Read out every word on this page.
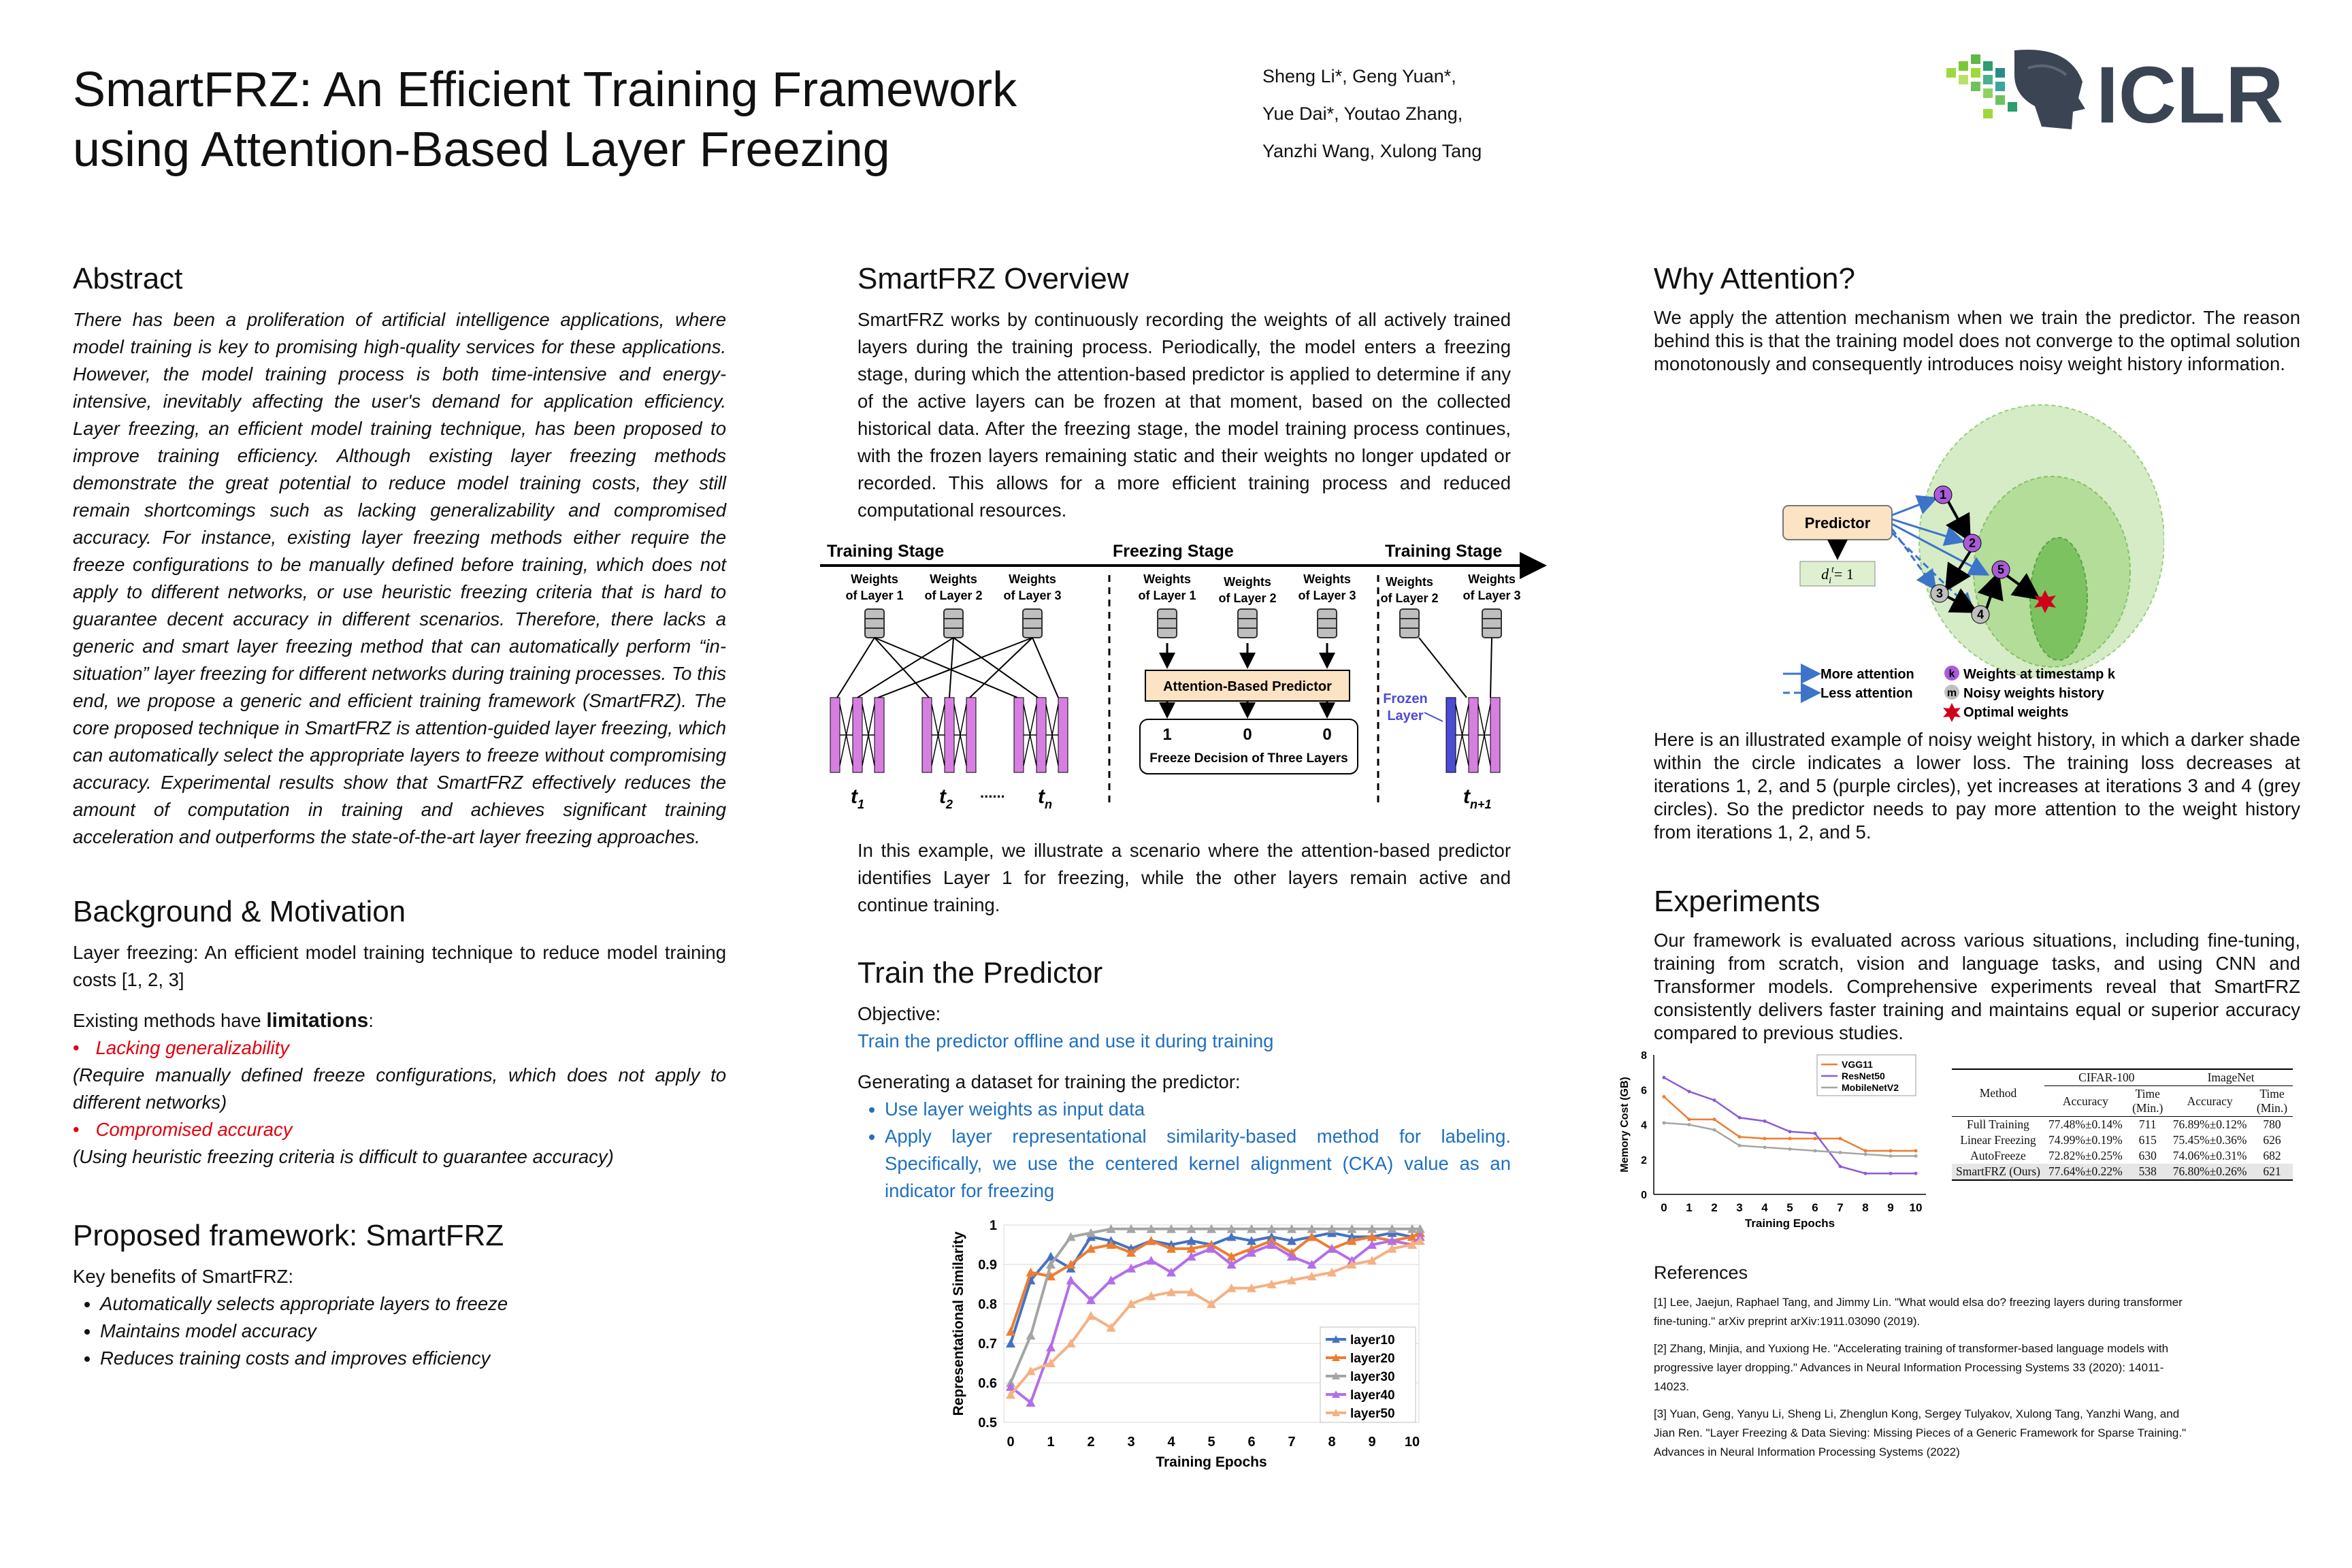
SmartFRZ: An Efficient Training Framework
using Attention-Based Layer Freezing
Sheng Li*, Geng Yuan*,
Yue Dai*, Youtao Zhang,
Yanzhi Wang, Xulong Tang
ICLR
Abstract

There has been a proliferation of artificial intelligence applications, where model training is key to promising high-quality services for these applications. However, the model training process is both time-intensive and energy-intensive, inevitably affecting the user's demand for application efficiency. Layer freezing, an efficient model training technique, has been proposed to improve training efficiency. Although existing layer freezing methods demonstrate the great potential to reduce model training costs, they still remain shortcomings such as lacking generalizability and compromised accuracy. For instance, existing layer freezing methods either require the freeze configurations to be manually defined before training, which does not apply to different networks, or use heuristic freezing criteria that is hard to guarantee decent accuracy in different scenarios. Therefore, there lacks a generic and smart layer freezing method that can automatically perform “in-situation” layer freezing for different networks during training processes. To this end, we propose a generic and efficient training framework (SmartFRZ). The core proposed technique in SmartFRZ is attention-guided layer freezing, which can automatically select the appropriate layers to freeze without compromising accuracy. Experimental results show that SmartFRZ effectively reduces the amount of computation in training and achieves significant training acceleration and outperforms the state-of-the-art layer freezing approaches.

Background & Motivation

Layer freezing: An efficient model training technique to reduce model training costs [1, 2, 3]

Existing methods have limitations:

• Lacking generalizability

(Require manually defined freeze configurations, which does not apply to different networks)

• Compromised accuracy

(Using heuristic freezing criteria is difficult to guarantee accuracy)

Proposed framework: SmartFRZ

Key benefits of SmartFRZ:

• Automatically selects appropriate layers to freeze
• Maintains model accuracy
• Reduces training costs and improves efficiency
SmartFRZ Overview

SmartFRZ works by continuously recording the weights of all actively trained layers during the training process. Periodically, the model enters a freezing stage, during which the attention-based predictor is applied to determine if any of the active layers can be frozen at that moment, based on the collected historical data. After the freezing stage, the model training process continues, with the frozen layers remaining static and their weights no longer updated or recorded. This allows for a more efficient training process and reduced computational resources.

Training Stage	Freezing Stage	Training Stage
Weights
of Layer 1
Weights
of Layer 2
Weights
of Layer 3
Weights
of Layer 1
Weights
of Layer 2
Weights
of Layer 3
Weights
of Layer 2
Weights
of Layer 3
$t_1$	$t_2$
...... $t_n$	$t_{n+1}$
Attention-Based Predictor
1	0	0
Freeze Decision of Three Layers
Frozen
Layer

In this example, we illustrate a scenario where the attention-based predictor identifies Layer 1 for freezing, while the other layers remain active and continue training.

Train the Predictor

Objective:

Train the predictor offline and use it during training

Generating a dataset for training the predictor:

• Use layer weights as input data
• Apply layer representational similarity-based method for labeling. Specifically, we use the centered kernel alignment (CKA) value as an indicator for freezing
0.5
0.6
0.7
0.8
0.9
1
0 1 2 3 4 5 6 7 8 9 10
Training Epochs
Representational Similarity	layer10
layer20
layer30
layer40
layer50
Why Attention?

We apply the attention mechanism when we train the predictor. The reason behind this is that the training model does not converge to the optimal solution monotonously and consequently introduces noisy weight history information.

Predictor
$d_i^t= 1$
1
2
3
4
5
More attention
Less attention
k Weights at timestamp k
m Noisy weights history
Optimal weights

Here is an illustrated example of noisy weight history, in which a darker shade within the circle indicates a lower loss. The training loss decreases at iterations 1, 2, and 5 (purple circles), yet increases at iterations 3 and 4 (grey circles). So the predictor needs to pay more attention to the weight history from iterations 1, 2, and 5.

Experiments

Our framework is evaluated across various situations, including fine-tuning, training from scratch, vision and language tasks, and using CNN and Transformer models. Comprehensive experiments reveal that SmartFRZ consistently delivers faster training and maintains equal or superior accuracy compared to previous studies.

0
2
4
6
8
0 1 2 3 4 5 6 7 8 9 10
Training Epochs
Memory Cost (GB)
VGG11
ResNet50
MobileNetV2	Method	CIFAR-100		ImageNet	
	Accuracy	Time (Min.)	Accuracy	Time (Min.)
Full Training	77.48%±0.14%	711	76.89%±0.12%	780
Linear Freezing	74.99%±0.19%	615	75.45%±0.36%	626
AutoFreeze	72.82%±0.25%	630	74.06%±0.31%	682
SmartFRZ (Ours)	77.64%±0.22%	538	76.80%±0.26%	621

References

[1] Lee, Jaejun, Raphael Tang, and Jimmy Lin. "What would elsa do? freezing layers during transformer fine-tuning." arXiv preprint arXiv:1911.03090 (2019).

[2] Zhang, Minjia, and Yuxiong He. "Accelerating training of transformer-based language models with progressive layer dropping." Advances in Neural Information Processing Systems 33 (2020): 14011-14023.

[3] Yuan, Geng, Yanyu Li, Sheng Li, Zhenglun Kong, Sergey Tulyakov, Xulong Tang, Yanzhi Wang, and Jian Ren. "Layer Freezing & Data Sieving: Missing Pieces of a Generic Framework for Sparse Training." Advances in Neural Information Processing Systems (2022)
